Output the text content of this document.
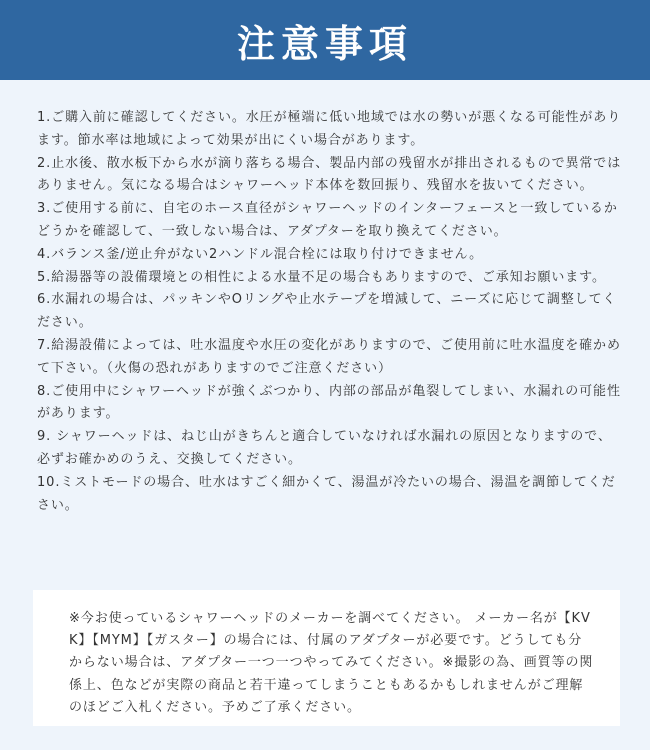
注意事項
1.ご購入前に確認してください。水圧が極端に低い地域では水の勢いが悪くなる可能性があります。節水率は地域によって効果が出にくい場合があります。
2.止水後、散水板下から水が滴り落ちる場合、製品内部の残留水が排出されるもので異常ではありません。気になる場合はシャワーヘッド本体を数回振り、残留水を抜いてください。
3.ご使用する前に、自宅のホース直径がシャワーヘッドのインターフェースと一致しているかどうかを確認して、一致しない場合は、アダプターを取り換えてください。
4.バランス釜/逆止弁がない2ハンドル混合栓には取り付けできません。
5.給湯器等の設備環境との相性による水量不足の場合もありますので、ご承知お願います。
6.水漏れの場合は、パッキンやOリングや止水テープを増減して、ニーズに応じて調整してください。
7.給湯設備によっては、吐水温度や水圧の変化がありますので、ご使用前に吐水温度を確かめて下さい。（火傷の恐れがありますのでご注意ください）
8.ご使用中にシャワーヘッドが強くぶつかり、内部の部品が亀裂してしまい、水漏れの可能性があります。
9. シャワーヘッドは、ねじ山がきちんと適合していなければ水漏れの原因となりますので、必ずお確かめのうえ、交換してください。
10.ミストモードの場合、吐水はすごく細かくて、湯温が冷たいの場合、湯温を調節してください。

※今お使っているシャワーヘッドのメーカーを調べてください。 メーカー名が【KVK】【MYM】【ガスター】の場合には、付属のアダプターが必要です。どうしても分からない場合は、アダプター一つ一つやってみてください。※撮影の為、画質等の関係上、色などが実際の商品と若干違ってしまうこともあるかもしれませんがご理解のほどご入札ください。予めご了承ください。
